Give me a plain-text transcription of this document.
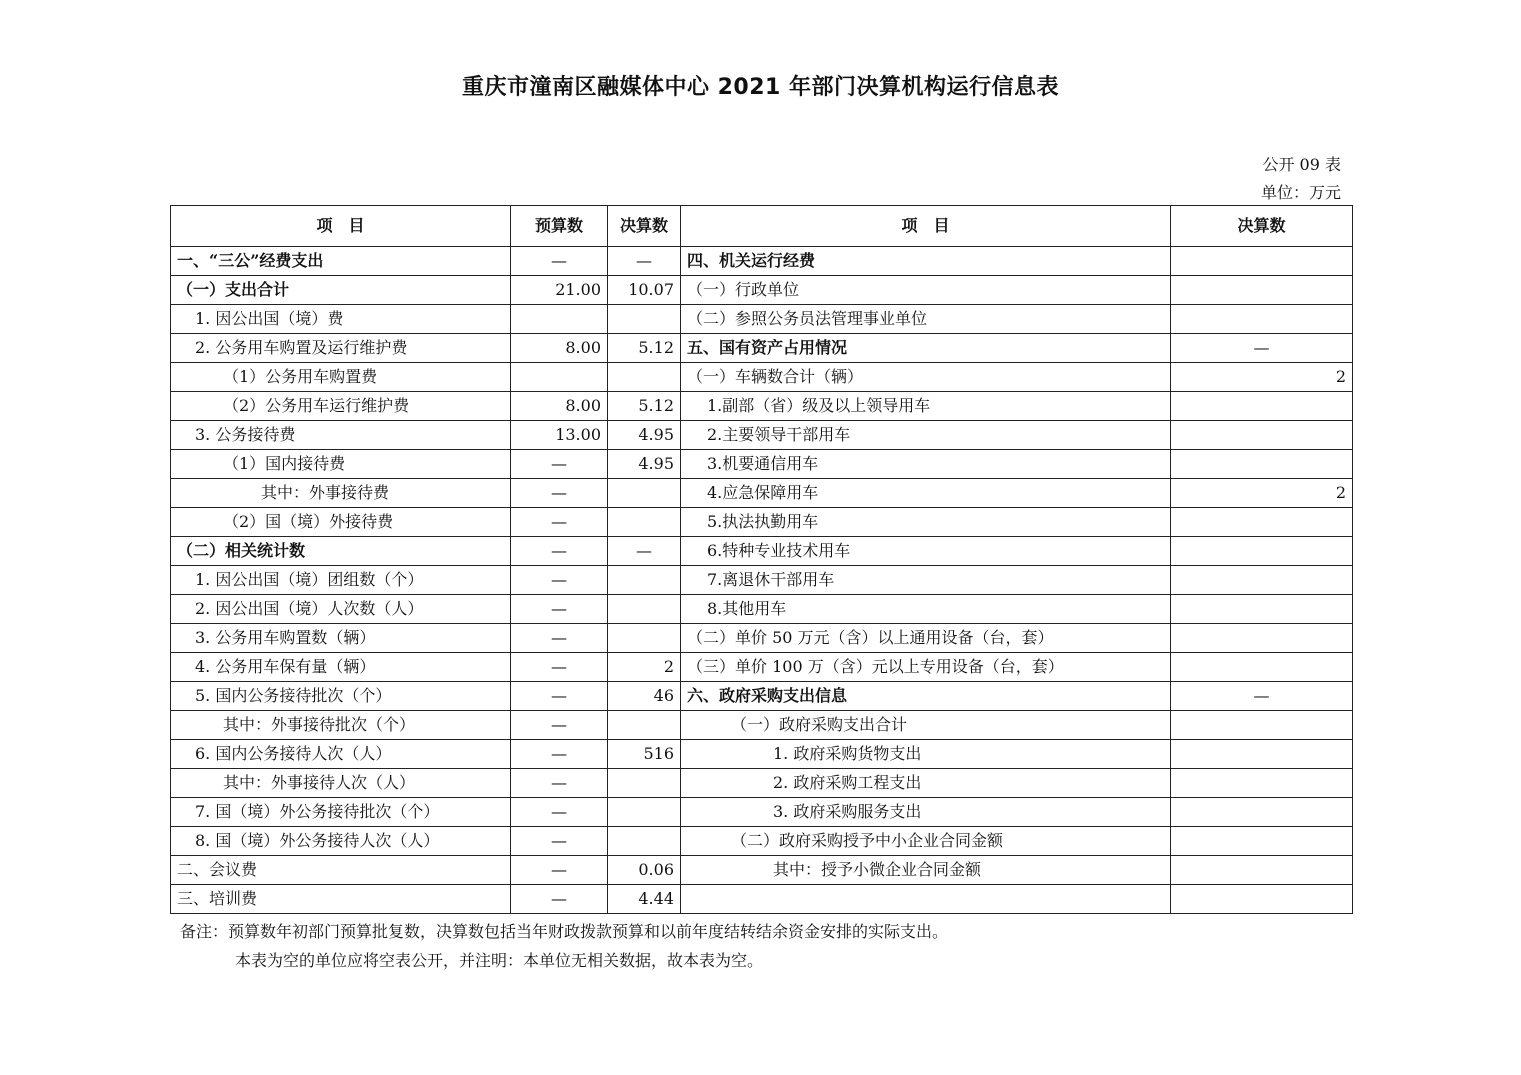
重庆市潼南区融媒体中心 2021 年部门决算机构运行信息表
公开 09 表
单位：万元
项　目	预算数	决算数	项　目	决算数
一、“三公”经费支出	—	—	四、机关运行经费	
（一）支出合计	21.00	10.07	（一）行政单位	
1. 因公出国（境）费			（二）参照公务员法管理事业单位	
2. 公务用车购置及运行维护费	8.00	5.12	五、国有资产占用情况	—
（1）公务用车购置费			（一）车辆数合计（辆）	2
（2）公务用车运行维护费	8.00	5.12	1.副部（省）级及以上领导用车	
3. 公务接待费	13.00	4.95	2.主要领导干部用车	
（1）国内接待费	—	4.95	3.机要通信用车	
其中：外事接待费	—		4.应急保障用车	2
（2）国（境）外接待费	—		5.执法执勤用车	
（二）相关统计数	—	—	6.特种专业技术用车	
1. 因公出国（境）团组数（个）	—		7.离退休干部用车	
2. 因公出国（境）人次数（人）	—		8.其他用车	
3. 公务用车购置数（辆）	—		（二）单价 50 万元（含）以上通用设备（台，套）	
4. 公务用车保有量（辆）	—	2	（三）单价 100 万（含）元以上专用设备（台，套）	
5. 国内公务接待批次（个）	—	46	六、政府采购支出信息	—
其中：外事接待批次（个）	—		（一）政府采购支出合计	
6. 国内公务接待人次（人）	—	516	1. 政府采购货物支出	
其中：外事接待人次（人）	—		2. 政府采购工程支出	
7. 国（境）外公务接待批次（个）	—		3. 政府采购服务支出	
8. 国（境）外公务接待人次（人）	—		（二）政府采购授予中小企业合同金额	
二、会议费	—	0.06	其中：授予小微企业合同金额	
三、培训费	—	4.44		
备注：预算数年初部门预算批复数，决算数包括当年财政拨款预算和以前年度结转结余资金安排的实际支出。
本表为空的单位应将空表公开，并注明：本单位无相关数据，故本表为空。
